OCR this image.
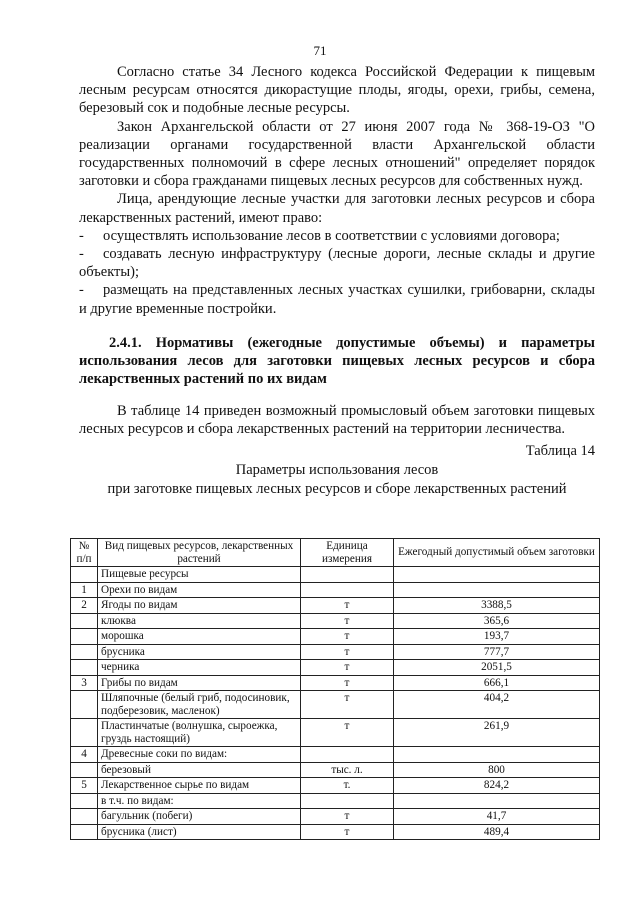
71

Согласно статье 34 Лесного кодекса Российской Федерации к пищевым лесным ресурсам относятся дикорастущие плоды, ягоды, орехи, грибы, семена, березовый сок и подобные лесные ресурсы.

Закон Архангельской области от 27 июня 2007 года № 368-19-ОЗ "О реализации органами государственной власти Архангельской области государственных полномочий в сфере лесных отношений" определяет порядок заготовки и сбора гражданами пищевых лесных ресурсов для собственных нужд.

Лица, арендующие лесные участки для заготовки лесных ресурсов и сбора лекарственных растений, имеют право:

- осуществлять использование лесов в соответствии с условиями договора;

- создавать лесную инфраструктуру (лесные дороги, лесные склады и другие объекты);

- размещать на представленных лесных участках сушилки, грибоварни, склады и другие временные постройки.

2.4.1. Нормативы (ежегодные допустимые объемы) и параметры использования лесов для заготовки пищевых лесных ресурсов и сбора лекарственных растений по их видам

В таблице 14 приведен возможный промысловый объем заготовки пищевых лесных ресурсов и сбора лекарственных растений на территории лесничества.

Таблица 14

Параметры использования лесов

при заготовке пищевых лесных ресурсов и сборе лекарственных растений

№ п/п	Вид пищевых ресурсов, лекарственных растений	Единица измерения	Ежегодный допустимый объем заготовки
	Пищевые ресурсы		
1	Орехи по видам		
2	Ягоды по видам	т	3388,5
	клюква	т	365,6
	морошка	т	193,7
	брусника	т	777,7
	черника	т	2051,5
3	Грибы по видам	т	666,1
	Шляпочные (белый гриб, подосиновик, подберезовик, масленок)	т	404,2
	Пластинчатые (волнушка, сыроежка, груздь настоящий)	т	261,9
4	Древесные соки по видам:		
	березовый	тыс. л.	800
5	Лекарственное сырье по видам	т.	824,2
	в т.ч. по видам:		
	багульник (побеги)	т	41,7
	брусника (лист)	т	489,4
